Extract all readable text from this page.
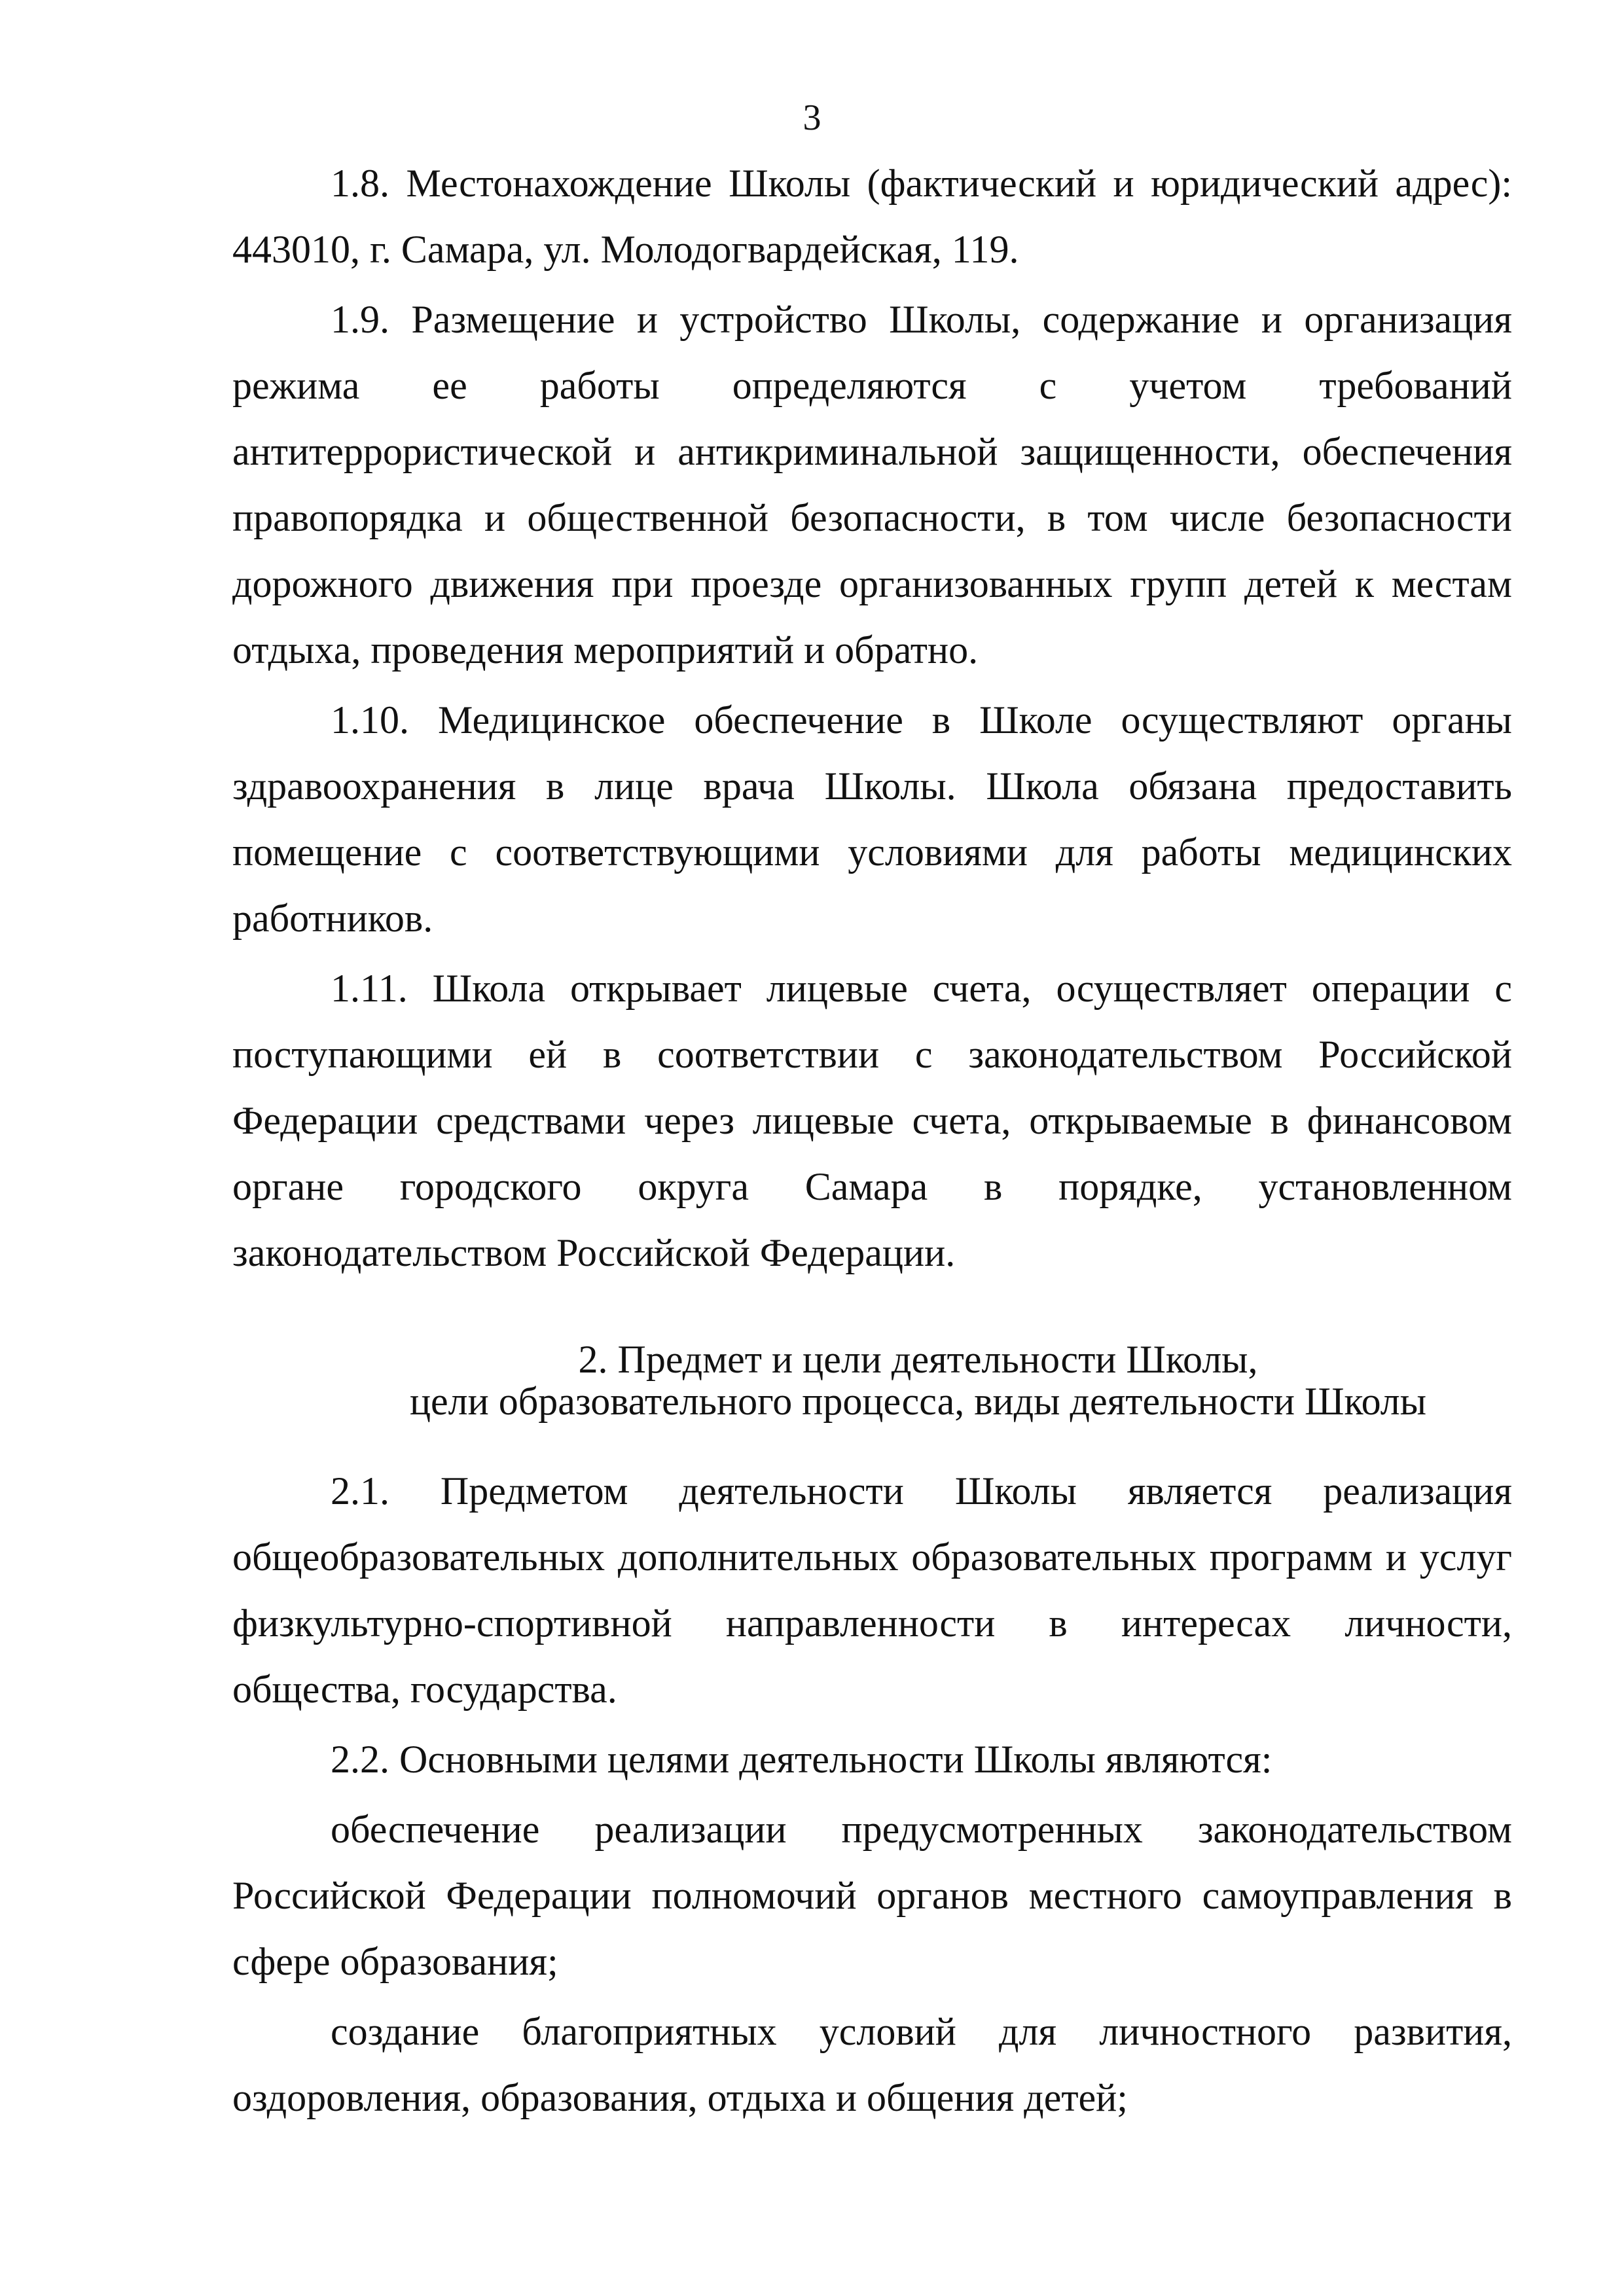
3

1.8. Местонахождение Школы (фактический и юридический адрес): 443010, г. Самара, ул. Молодогвардейская, 119.

1.9. Размещение и устройство Школы, содержание и организация режима ее работы определяются с учетом требований антитеррористической и антикриминальной защищенности, обеспечения правопорядка и общественной безопасности, в том числе безопасности дорожного движения при проезде организованных групп детей к местам отдыха, проведения мероприятий и обратно.

1.10. Медицинское обеспечение в Школе осуществляют органы здравоохранения в лице врача Школы. Школа обязана предоставить помещение с соответствующими условиями для работы медицинских работников.

1.11. Школа открывает лицевые счета, осуществляет операции с поступающими ей в соответствии с законодательством Российской Федерации средствами через лицевые счета, открываемые в финансовом органе городского округа Самара в порядке, установленном законодательством Российской Федерации.

2. Предмет и цели деятельности Школы,
цели образовательного процесса, виды деятельности Школы

2.1. Предметом деятельности Школы является реализация общеобразовательных дополнительных образовательных программ и услуг физкультурно-спортивной направленности в интересах личности, общества, государства.

2.2. Основными целями деятельности Школы являются:

обеспечение реализации предусмотренных законодательством Российской Федерации полномочий органов местного самоуправления в сфере образования;

создание благоприятных условий для личностного развития, оздоровления, образования, отдыха и общения детей;
